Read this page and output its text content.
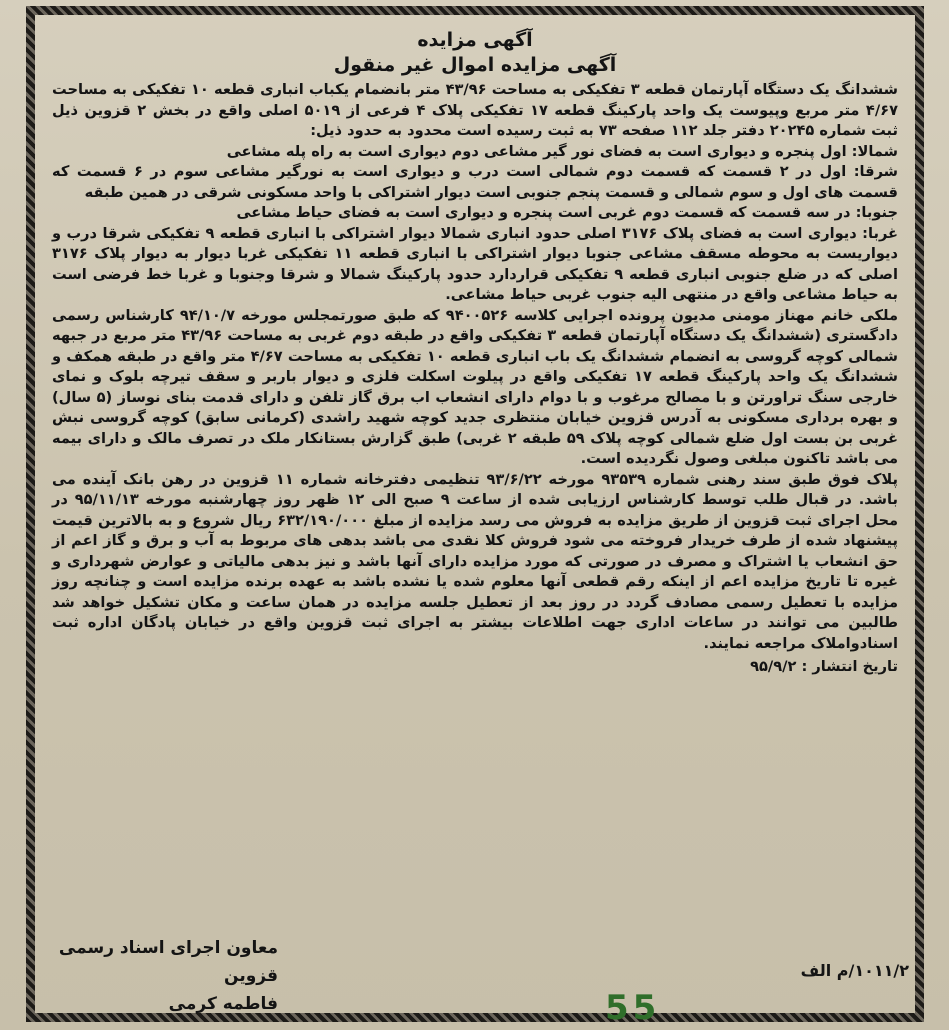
آگهی مزایده
آگهی مزایده اموال غیر منقول

ششدانگ یک دستگاه آپارتمان قطعه ۳ تفکیکی به مساحت ۴۳/۹۶ متر بانضمام یکباب انباری قطعه ۱۰ تفکیکی به مساحت ۴/۶۷ متر مربع وپیوست یک واحد پارکینگ قطعه ۱۷ تفکیکی پلاک ۴ فرعی از ۵۰۱۹ اصلی واقع در بخش ۲ قزوین ذیل ثبت شماره ۲۰۲۴۵ دفتر جلد ۱۱۲ صفحه ۷۳ به ثبت رسیده است محدود به حدود ذیل:

شمالا: اول پنجره و دیواری است به فضای نور گیر مشاعی دوم دیواری است به راه پله مشاعی

شرقا: اول در ۲ قسمت که قسمت دوم شمالی است درب و دیواری است به نورگیر مشاعی سوم در ۶ قسمت که قسمت های اول و سوم شمالی و قسمت پنجم جنوبی است دیوار اشتراکی با واحد مسکونی شرقی در همین طبقه

جنوبا: در سه قسمت که قسمت دوم غربی است پنجره و دیواری است به فضای حیاط مشاعی

غربا: دیواری است به فضای پلاک ۳۱۷۶ اصلی حدود انباری شمالا دیوار اشتراکی با انباری قطعه ۹ تفکیکی شرقا درب و دیواریست به محوطه مسقف مشاعی جنوبا دیوار اشتراکی با انباری قطعه ۱۱ تفکیکی غربا دیوار به دیوار پلاک ۳۱۷۶ اصلی که در ضلع جنوبی انباری قطعه ۹ تفکیکی قراردارد حدود پارکینگ شمالا و شرقا وجنوبا و غربا خط فرضی است به حیاط مشاعی واقع در منتهی الیه جنوب غربی حیاط مشاعی.

ملکی خانم مهناز مومنی مدیون پرونده اجرایی کلاسه ۹۴۰۰۵۲۶ که طبق صورتمجلس مورخه ۹۴/۱۰/۷ کارشناس رسمی دادگستری (ششدانگ یک دستگاه آپارتمان قطعه ۳ تفکیکی واقع در طبقه دوم غربی به مساحت ۴۳/۹۶ متر مربع در جبهه شمالی کوچه گروسی به انضمام ششدانگ یک باب انباری قطعه ۱۰ تفکیکی به مساحت ۴/۶۷ متر واقع در طبقه همکف و ششدانگ یک واحد پارکینگ قطعه ۱۷ تفکیکی واقع در پیلوت اسکلت فلزی و دیوار باربر و سقف تیرچه بلوک و نمای خارجی سنگ تراورتن و با مصالح مرغوب و با دوام دارای انشعاب اب برق گاز تلفن و دارای قدمت بنای نوساز (۵ سال) و بهره برداری مسکونی به آدرس قزوین خیابان منتظری جدید کوچه شهید راشدی (کرمانی سابق) کوچه گروسی نبش غربی بن بست اول ضلع شمالی کوچه پلاک ۵۹ طبقه ۲ غربی) طبق گزارش بستانکار ملک در تصرف مالک و دارای بیمه می باشد تاکنون مبلغی وصول نگردیده است.

پلاک فوق طبق سند رهنی شماره ۹۳۵۳۹ مورخه ۹۳/۶/۲۲ تنظیمی دفترخانه شماره ۱۱ قزوین در رهن بانک آینده می باشد. در قبال طلب توسط کارشناس ارزیابی شده از ساعت ۹ صبح الی ۱۲ ظهر روز چهارشنبه مورخه ۹۵/۱۱/۱۳ در محل اجرای ثبت قزوین از طریق مزایده به فروش می رسد مزایده از مبلغ ۶۳۲/۱۹۰/۰۰۰ ریال شروع و به بالاترین قیمت پیشنهاد شده از طرف خریدار فروخته می شود فروش کلا نقدی می باشد بدهی های مربوط به آب و برق و گاز اعم از حق انشعاب یا اشتراک و مصرف در صورتی که مورد مزایده دارای آنها باشد و نیز بدهی مالیاتی و عوارض شهرداری و غیره تا تاریخ مزایده اعم از اینکه رقم قطعی آنها معلوم شده یا نشده باشد به عهده برنده مزایده است و چنانچه روز مزایده با تعطیل رسمی مصادف گردد در روز بعد از تعطیل جلسه مزایده در همان ساعت و مکان تشکیل خواهد شد طالبین می توانند در ساعات اداری جهت اطلاعات بیشتر به اجرای ثبت قزوین واقع در خیابان پادگان اداره ثبت اسنادواملاک مراجعه نمایند.

تاریخ انتشار : ۹۵/۹/۲
۱۰۱۱/۲/م الف
معاون اجرای اسناد رسمی قزوین
فاطمه کرمی	55
